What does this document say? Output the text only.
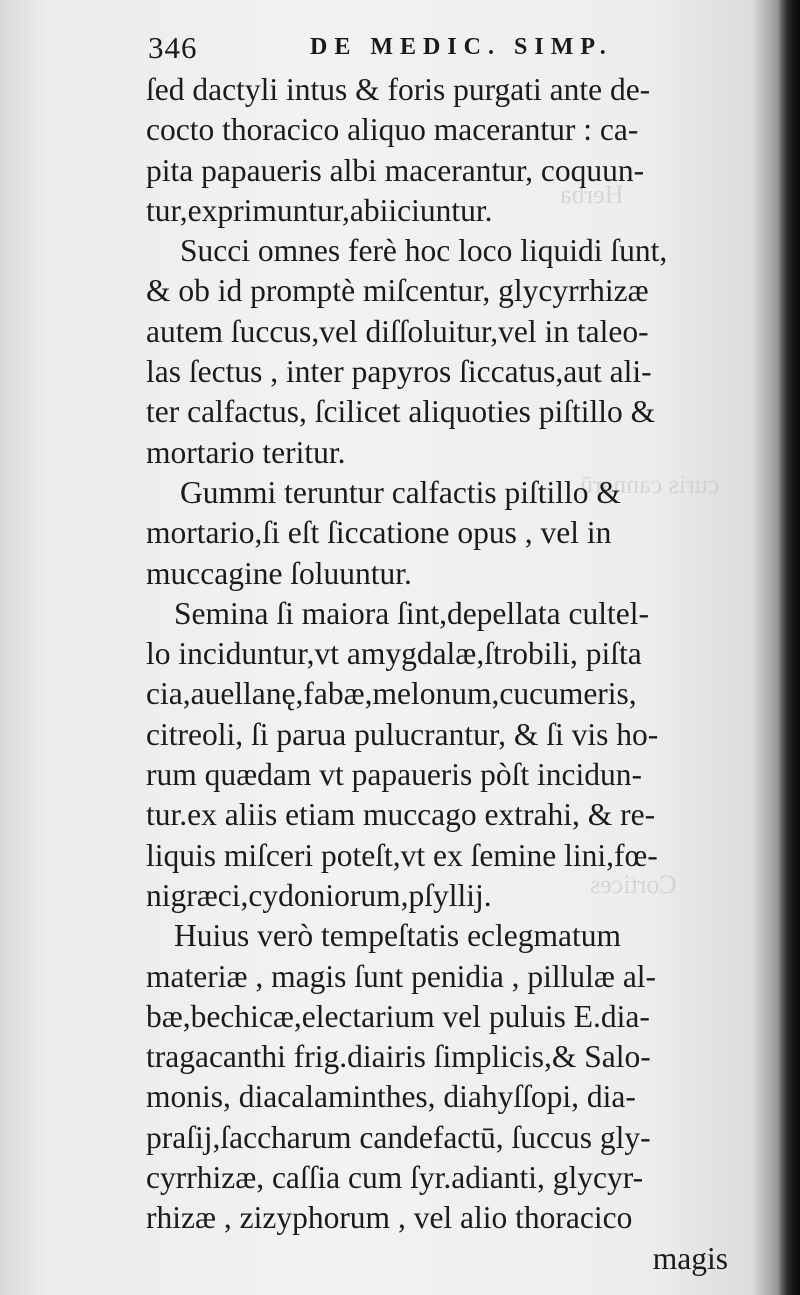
Herba
curis cannarū
Cortices
346	DE MEDIC. SIMP.
ſed dactyli intus & foris purgati ante de-
cocto thoracico aliquo macerantur : ca-
pita papaueris albi macerantur, coquun-
tur,exprimuntur,abiiciuntur.
Succi omnes ferè hoc loco liquidi ſunt,
& ob id promptè miſcentur, glycyrrhizæ
autem ſuccus,vel diſſoluitur,vel in taleo-
las ſectus , inter papyros ſiccatus,aut ali-
ter calfactus, ſcilicet aliquoties piſtillo &
mortario teritur.
Gummi teruntur calfactis piſtillo &
mortario,ſi eſt ſiccatione opus , vel in
muccagine ſoluuntur.
Semina ſi maiora ſint,depellata cultel-
lo inciduntur,vt amygdalæ,ſtrobili, piſta
cia,auellanę,fabæ,melonum,cucumeris,
citreoli, ſi parua pulucrantur, & ſi vis ho-
rum quædam vt papaueris pòſt incidun-
tur.ex aliis etiam muccago extrahi, & re-
liquis miſceri poteſt,vt ex ſemine lini,fœ-
nigræci,cydoniorum,pſyllij.
Huius verò tempeſtatis eclegmatum
materiæ , magis ſunt penidia , pillulæ al-
bæ,bechicæ,electarium vel puluis E.dia-
tragacanthi frig.diairis ſimplicis,& Salo-
monis, diacalaminthes, diahyſſopi, dia-
praſij,ſaccharum candefactū, ſuccus gly-
cyrrhizæ, caſſia cum ſyr.adianti, glycyr-
rhizæ , zizyphorum , vel alio thoracico
magis
